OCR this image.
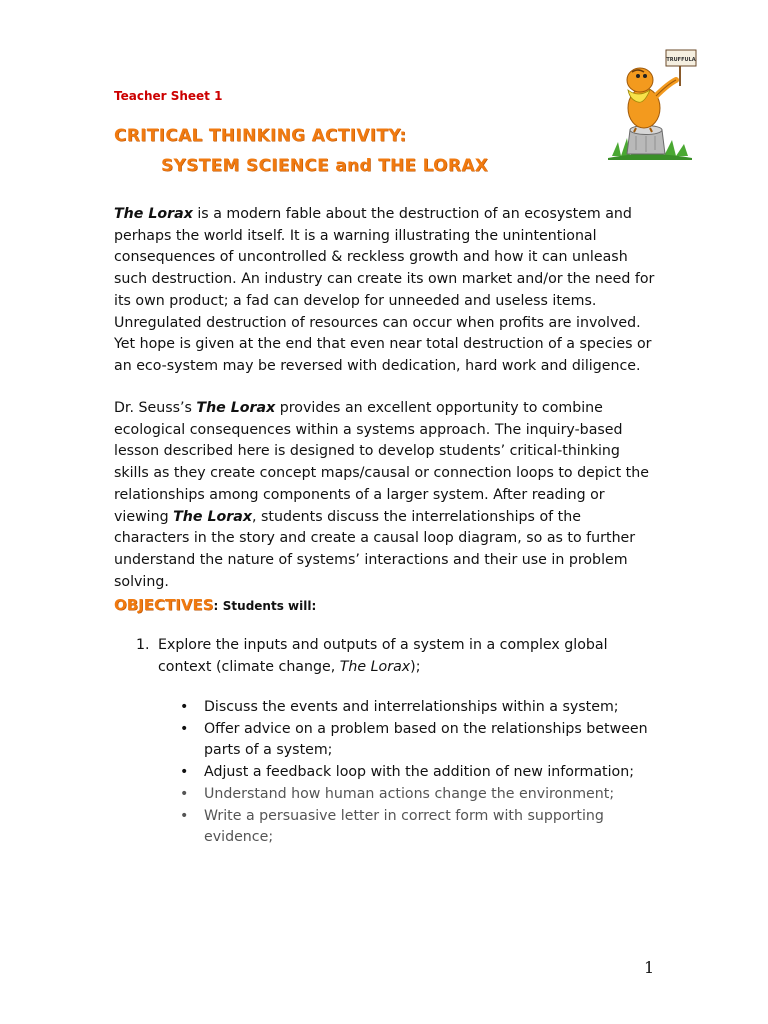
Teacher Sheet 1
TRUFFULA
CRITICAL THINKING ACTIVITY:
SYSTEM SCIENCE and THE LORAX
The Lorax is a modern fable about the destruction of an ecosystem and perhaps the world itself. It is a warning illustrating the unintentional consequences of uncontrolled & reckless growth and how it can unleash such destruction. An industry can create its own market and/or the need for its own product; a fad can develop for unneeded and useless items. Unregulated destruction of resources can occur when profits are involved. Yet hope is given at the end that even near total destruction of a species or an eco-system may be reversed with dedication, hard work and diligence.
Dr. Seuss’s The Lorax provides an excellent opportunity to combine ecological consequences within a systems approach. The inquiry-based lesson described here is designed to develop students’ critical-thinking skills as they create concept maps/causal or connection loops to depict the relationships among components of a larger system. After reading or viewing The Lorax, students discuss the interrelationships of the characters in the story and create a causal loop diagram, so as to further understand the nature of systems’ interactions and their use in problem solving.
OBJECTIVES: Students will:
1. Explore the inputs and outputs of a system in a complex global context (climate change, The Lorax);
• Discuss the events and interrelationships within a system;
• Offer advice on a problem based on the relationships between parts of a system;
• Adjust a feedback loop with the addition of new information;
• Understand how human actions change the environment;
• Write a persuasive letter in correct form with supporting evidence;
1
